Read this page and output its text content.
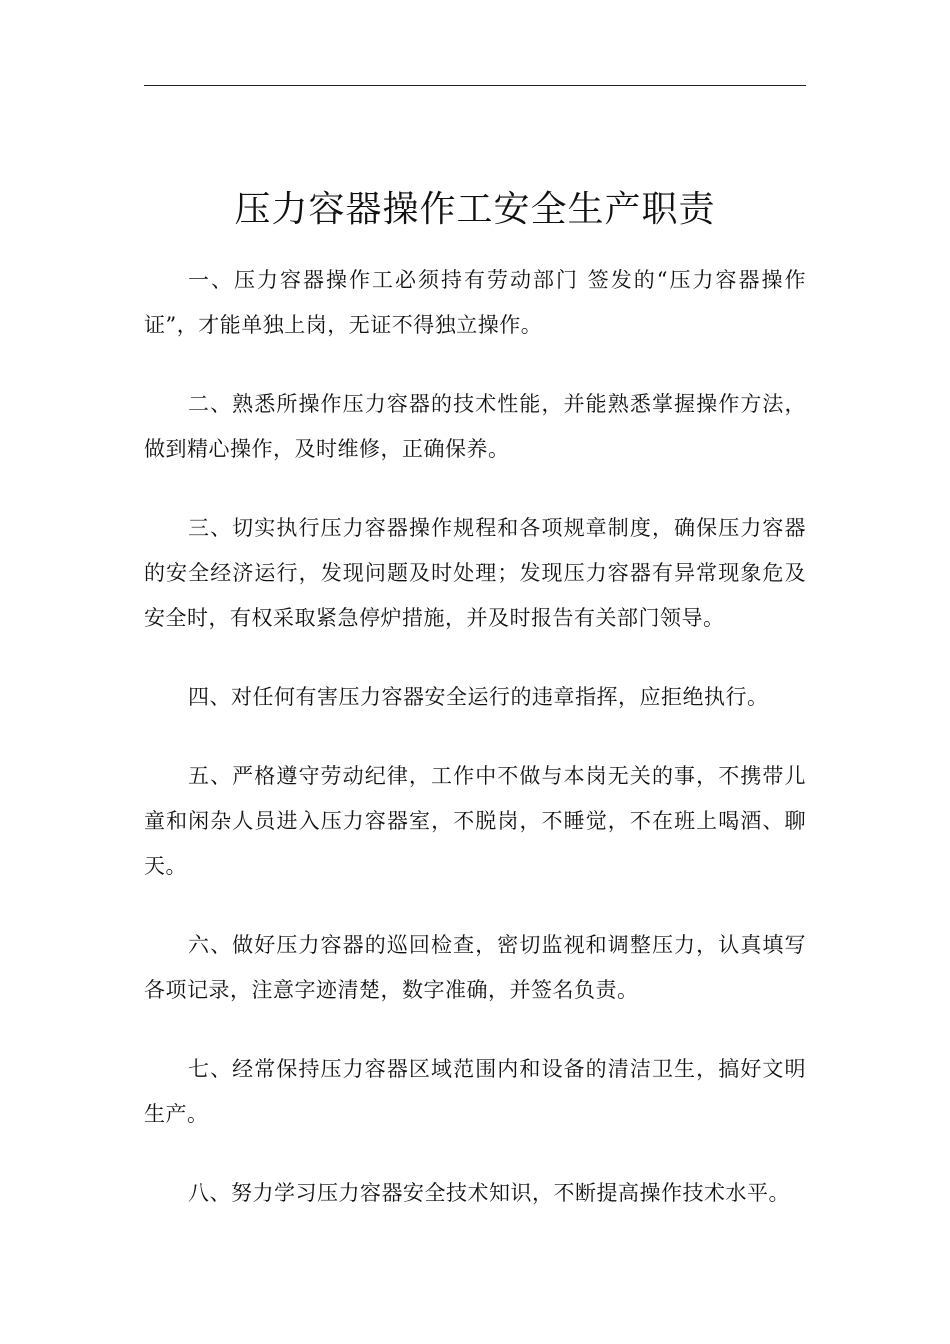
压力容器操作工安全生产职责

一、压力容器操作工必须持有劳动部门 签发的“压力容器操作证”，才能单独上岗，无证不得独立操作。

二、熟悉所操作压力容器的技术性能，并能熟悉掌握操作方法，做到精心操作，及时维修，正确保养。

三、切实执行压力容器操作规程和各项规章制度，确保压力容器的安全经济运行，发现问题及时处理；发现压力容器有异常现象危及安全时，有权采取紧急停炉措施，并及时报告有关部门领导。

四、对任何有害压力容器安全运行的违章指挥，应拒绝执行。

五、严格遵守劳动纪律，工作中不做与本岗无关的事，不携带儿童和闲杂人员进入压力容器室，不脱岗，不睡觉，不在班上喝酒、聊天。

六、做好压力容器的巡回检查，密切监视和调整压力，认真填写各项记录，注意字迹清楚，数字准确，并签名负责。

七、经常保持压力容器区域范围内和设备的清洁卫生，搞好文明生产。

八、努力学习压力容器安全技术知识，不断提高操作技术水平。
